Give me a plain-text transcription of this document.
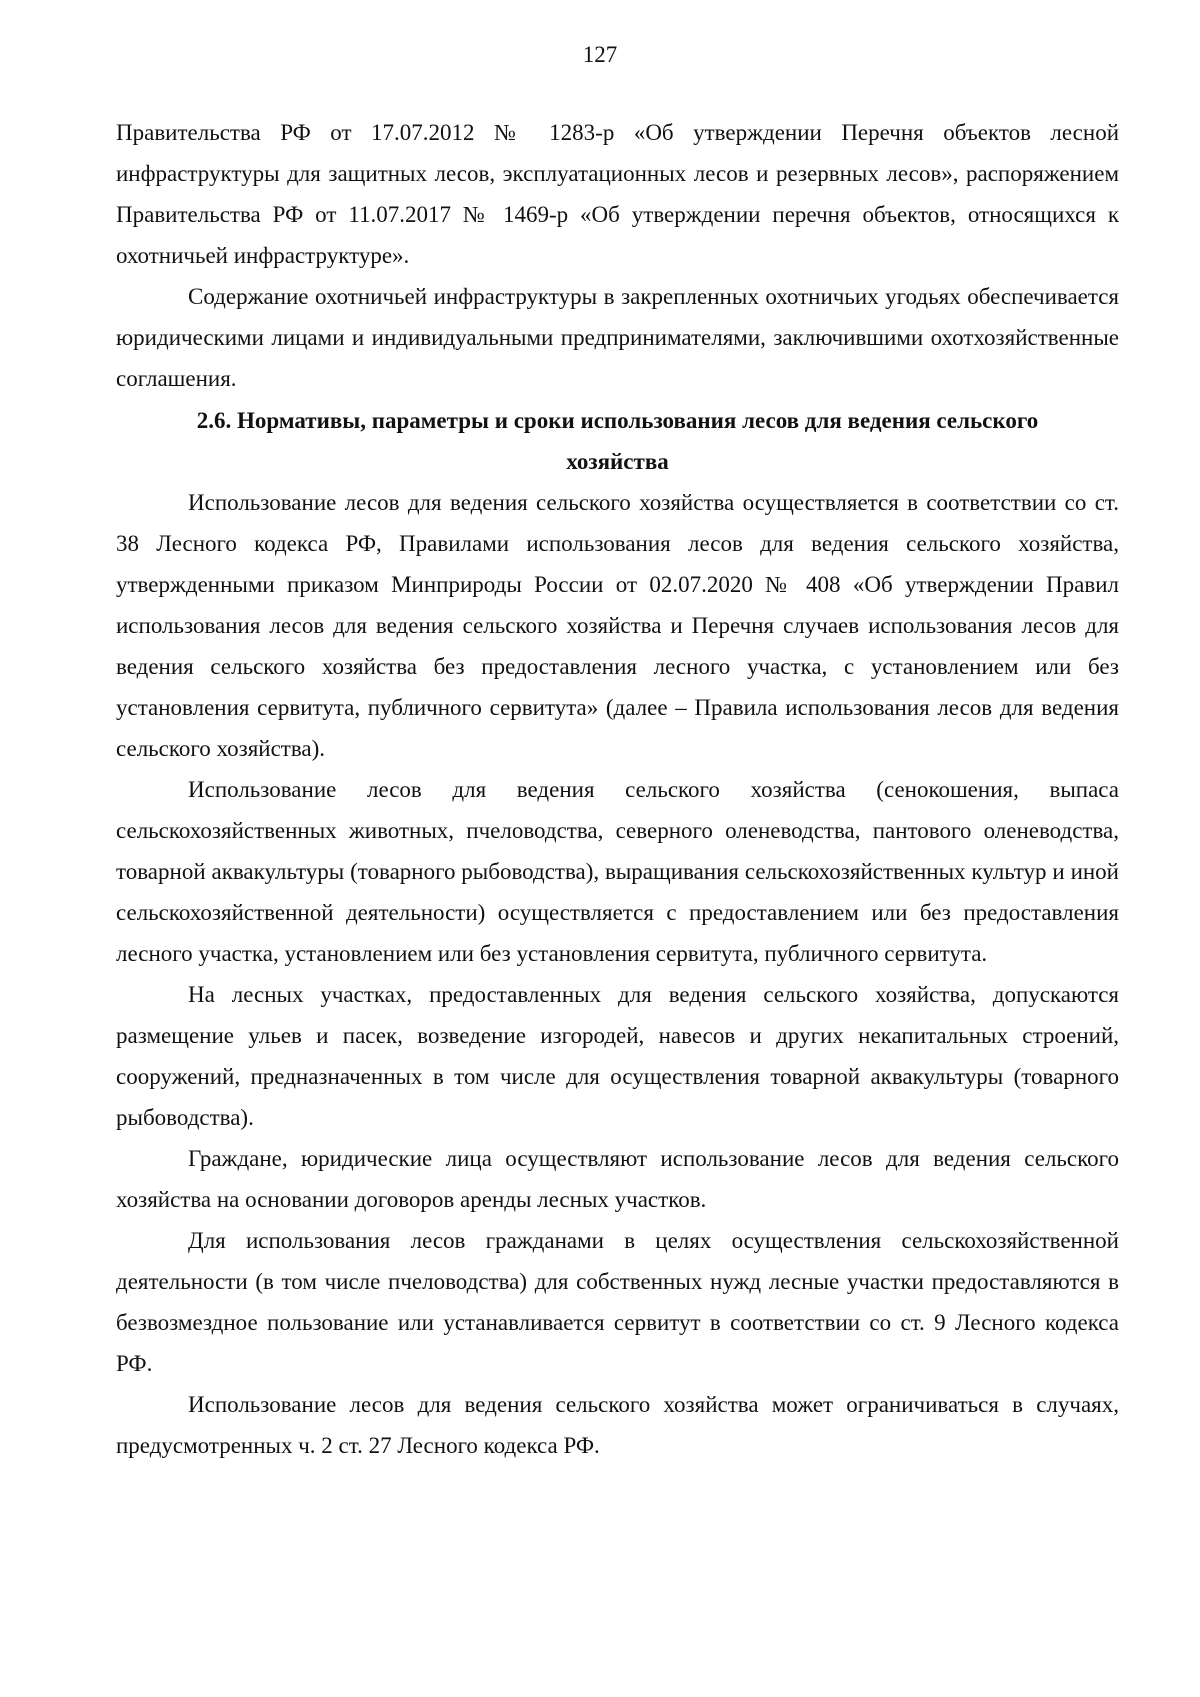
127

Правительства РФ от 17.07.2012 № 1283-р «Об утверждении Перечня объектов лесной инфраструктуры для защитных лесов, эксплуатационных лесов и резервных лесов», распоряжением Правительства РФ от 11.07.2017 № 1469-р «Об утверждении перечня объектов, относящихся к охотничьей инфраструктуре».

Содержание охотничьей инфраструктуры в закрепленных охотничьих угодьях обеспечивается юридическими лицами и индивидуальными предпринимателями, заключившими охотхозяйственные соглашения.

2.6. Нормативы, параметры и сроки использования лесов для ведения сельского хозяйства

Использование лесов для ведения сельского хозяйства осуществляется в соответствии со ст. 38 Лесного кодекса РФ, Правилами использования лесов для ведения сельского хозяйства, утвержденными приказом Минприроды России от 02.07.2020 № 408 «Об утверждении Правил использования лесов для ведения сельского хозяйства и Перечня случаев использования лесов для ведения сельского хозяйства без предоставления лесного участка, с установлением или без установления сервитута, публичного сервитута» (далее – Правила использования лесов для ведения сельского хозяйства).

Использование лесов для ведения сельского хозяйства (сенокошения, выпаса сельскохозяйственных животных, пчеловодства, северного оленеводства, пантового оленеводства, товарной аквакультуры (товарного рыбоводства), выращивания сельскохозяйственных культур и иной сельскохозяйственной деятельности) осуществляется с предоставлением или без предоставления лесного участка, установлением или без установления сервитута, публичного сервитута.

На лесных участках, предоставленных для ведения сельского хозяйства, допускаются размещение ульев и пасек, возведение изгородей, навесов и других некапитальных строений, сооружений, предназначенных в том числе для осуществления товарной аквакультуры (товарного рыбоводства).

Граждане, юридические лица осуществляют использование лесов для ведения сельского хозяйства на основании договоров аренды лесных участков.

Для использования лесов гражданами в целях осуществления сельскохозяйственной деятельности (в том числе пчеловодства) для собственных нужд лесные участки предоставляются в безвозмездное пользование или устанавливается сервитут в соответствии со ст. 9 Лесного кодекса РФ.

Использование лесов для ведения сельского хозяйства может ограничиваться в случаях, предусмотренных ч. 2 ст. 27 Лесного кодекса РФ.
